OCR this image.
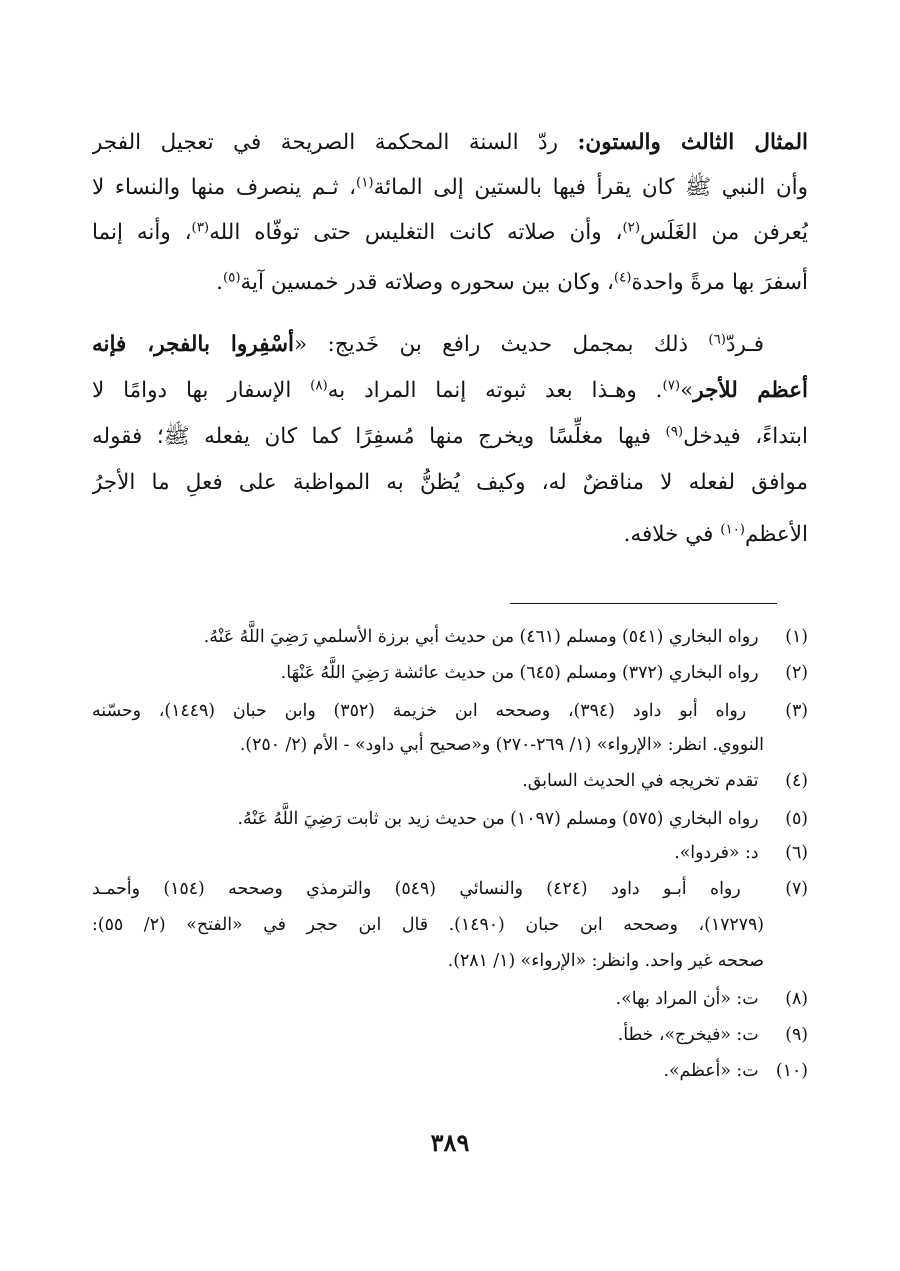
المثال الثالث والستون: ردّ السنة المحكمة الصريحة في تعجيل الفجر
وأن النبي ﷺ كان يقرأ فيها بالستين إلى المائة$^{(١)}$، ثـم ينصرف منها والنساء لا
يُعرفن من الغَلَس$^{(٢)}$، وأن صلاته كانت التغليس حتى توفّاه الله$^{(٣)}$، وأنه إنما
أسفرَ بها مرةً واحدة$^{(٤)}$، وكان بين سحوره وصلاته قدر خمسين آية$^{(٥)}$.
فـردّ$^{(٦)}$ ذلك بمجمل حديث رافع بن خَديج: «أسْفِروا بالفجر، فإنه
أعظم للأجر»$^{(٧)}$. وهـذا بعد ثبوته إنما المراد به$^{(٨)}$ الإسفار بها دوامًا لا
ابتداءً، فيدخل$^{(٩)}$ فيها مغلِّسًا ويخرج منها مُسفِرًا كما كان يفعله ﷺ؛ فقوله
موافق لفعله لا مناقضٌ له، وكيف يُظنُّ به المواظبة على فعلِ ما الأجرُ
الأعظم$^{(١٠)}$ في خلافه.
(١) رواه البخاري (٥٤١) ومسلم (٤٦١) من حديث أبي برزة الأسلمي رَضِيَ اللَّهُ عَنْهُ.
(٢) رواه البخاري (٣٧٢) ومسلم (٦٤٥) من حديث عائشة رَضِيَ اللَّهُ عَنْهَا.
(٣) رواه أبو داود (٣٩٤)، وصححه ابن خزيمة (٣٥٢) وابن حبان (١٤٤٩)، وحسّنه
النووي. انظر: «الإرواء» (١/ ٢٦٩-٢٧٠) و«صحيح أبي داود» - الأم (٢/ ٢٥٠).
(٤) تقدم تخريجه في الحديث السابق.
(٥) رواه البخاري (٥٧٥) ومسلم (١٠٩٧) من حديث زيد بن ثابت رَضِيَ اللَّهُ عَنْهُ.
(٦) د: «فردوا».
(٧) رواه أبـو داود (٤٢٤) والنسائي (٥٤٩) والترمذي وصححه (١٥٤) وأحمـد
(١٧٢٧٩)، وصححه ابن حبان (١٤٩٠). قال ابن حجر في «الفتح» (٢/ ٥٥):
صححه غير واحد. وانظر: «الإرواء» (١/ ٢٨١).
(٨) ت: «أن المراد بها».
(٩) ت: «فيخرج»، خطأ.
(١٠) ت: «أعظم».
٣٨٩
